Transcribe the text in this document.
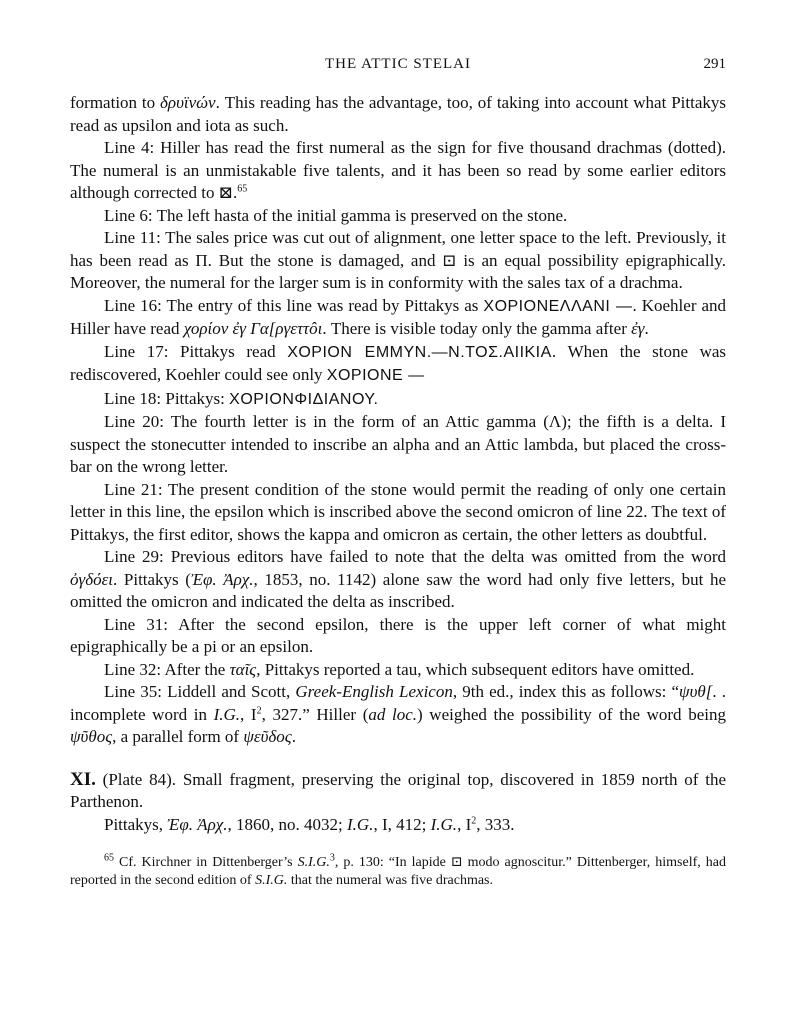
THE ATTIC STELAI	291

formation to δρυϊνών. This reading has the advantage, too, of taking into account what Pittakys read as upsilon and iota as such.

Line 4: Hiller has read the first numeral as the sign for five thousand drachmas (dotted). The numeral is an unmistakable five talents, and it has been so read by some earlier editors although corrected to ⊠.$^{65}$

Line 6: The left hasta of the initial gamma is preserved on the stone.

Line 11: The sales price was cut out of alignment, one letter space to the left. Previously, it has been read as Π. But the stone is damaged, and ⊡ is an equal possibility epigraphically. Moreover, the numeral for the larger sum is in conformity with the sales tax of a drachma.

Line 16: The entry of this line was read by Pittakys as ΧΟΡΙΟΝΕΛΛΑΝΙ —. Koehler and Hiller have read χορίον ἐγ Γα[ργεττôι. There is visible today only the gamma after ἐγ.

Line 17: Pittakys read ΧΟΡΙΟΝ ΕΜΜΥΝ.—Ν.ΤΟΣ.ΑΙΙΚΙΑ. When the stone was rediscovered, Koehler could see only ΧΟΡΙΟΝΕ —

Line 18: Pittakys: ΧΟΡΙΟΝΦΙΔΙΑΝΟΥ.

Line 20: The fourth letter is in the form of an Attic gamma (Λ); the fifth is a delta. I suspect the stonecutter intended to inscribe an alpha and an Attic lambda, but placed the cross-bar on the wrong letter.

Line 21: The present condition of the stone would permit the reading of only one certain letter in this line, the epsilon which is inscribed above the second omicron of line 22. The text of Pittakys, the first editor, shows the kappa and omicron as certain, the other letters as doubtful.

Line 29: Previous editors have failed to note that the delta was omitted from the word ὀγδόει. Pittakys (Ἐφ. Ἀρχ., 1853, no. 1142) alone saw the word had only five letters, but he omitted the omicron and indicated the delta as inscribed.

Line 31: After the second epsilon, there is the upper left corner of what might epigraphically be a pi or an epsilon.

Line 32: After the ταῖς, Pittakys reported a tau, which subsequent editors have omitted.

Line 35: Liddell and Scott, Greek-English Lexicon, 9th ed., index this as follows: “ψυθ[. . incomplete word in I.G., $I^2$, 327.” Hiller (ad loc.) weighed the possibility of the word being ψῦθος, a parallel form of ψεῦδος.

XI. (Plate 84). Small fragment, preserving the original top, discovered in 1859 north of the Parthenon.

Pittakys, Ἐφ. Ἀρχ., 1860, no. 4032; I.G., I, 412; I.G., $I^2$, 333.

$^{65}$ Cf. Kirchner in Dittenberger’s S.I.G.$^3$, p. 130: “In lapide ⊡ modo agnoscitur.” Dittenberger, himself, had reported in the second edition of S.I.G. that the numeral was five drachmas.
